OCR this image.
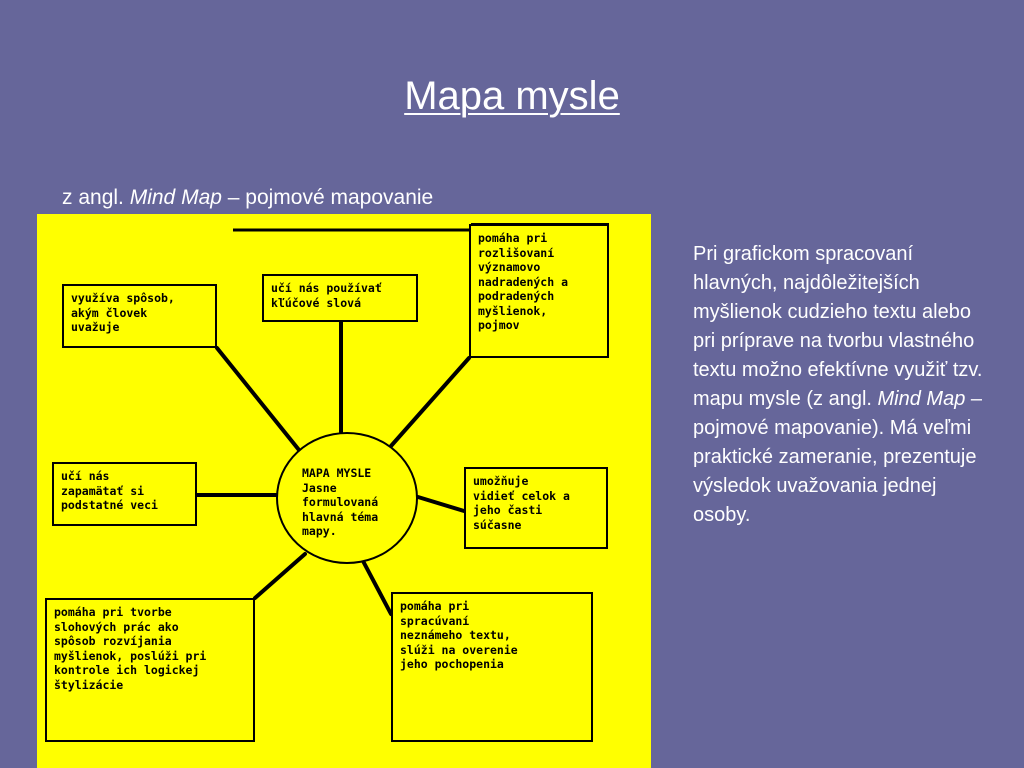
Mapa mysle
z angl. Mind Map – pojmové mapovanie
využíva spôsob,
akým človek
uvažuje
učí nás používať
kľúčové slová
pomáha pri
rozlišovaní
významovo
nadradených a
podradených
myšlienok,
pojmov
učí nás
zapamätať si
podstatné veci
umožňuje
vidieť celok a
jeho časti
súčasne
pomáha pri tvorbe
slohových prác ako
spôsob rozvíjania
myšlienok, poslúži pri
kontrole ich logickej
štylizácie
pomáha pri
spracúvaní
neznámeho textu,
slúži na overenie
jeho pochopenia
MAPA MYSLE
Jasne
formulovaná
hlavná téma
mapy.
Pri grafickom spracovaní hlavných, najdôležitejších myšlienok cudzieho textu alebo pri príprave na tvorbu vlastného textu možno efektívne využiť tzv. mapu mysle (z angl. Mind Map – pojmové mapovanie). Má veľmi praktické zameranie, prezentuje výsledok uvažovania jednej osoby.
